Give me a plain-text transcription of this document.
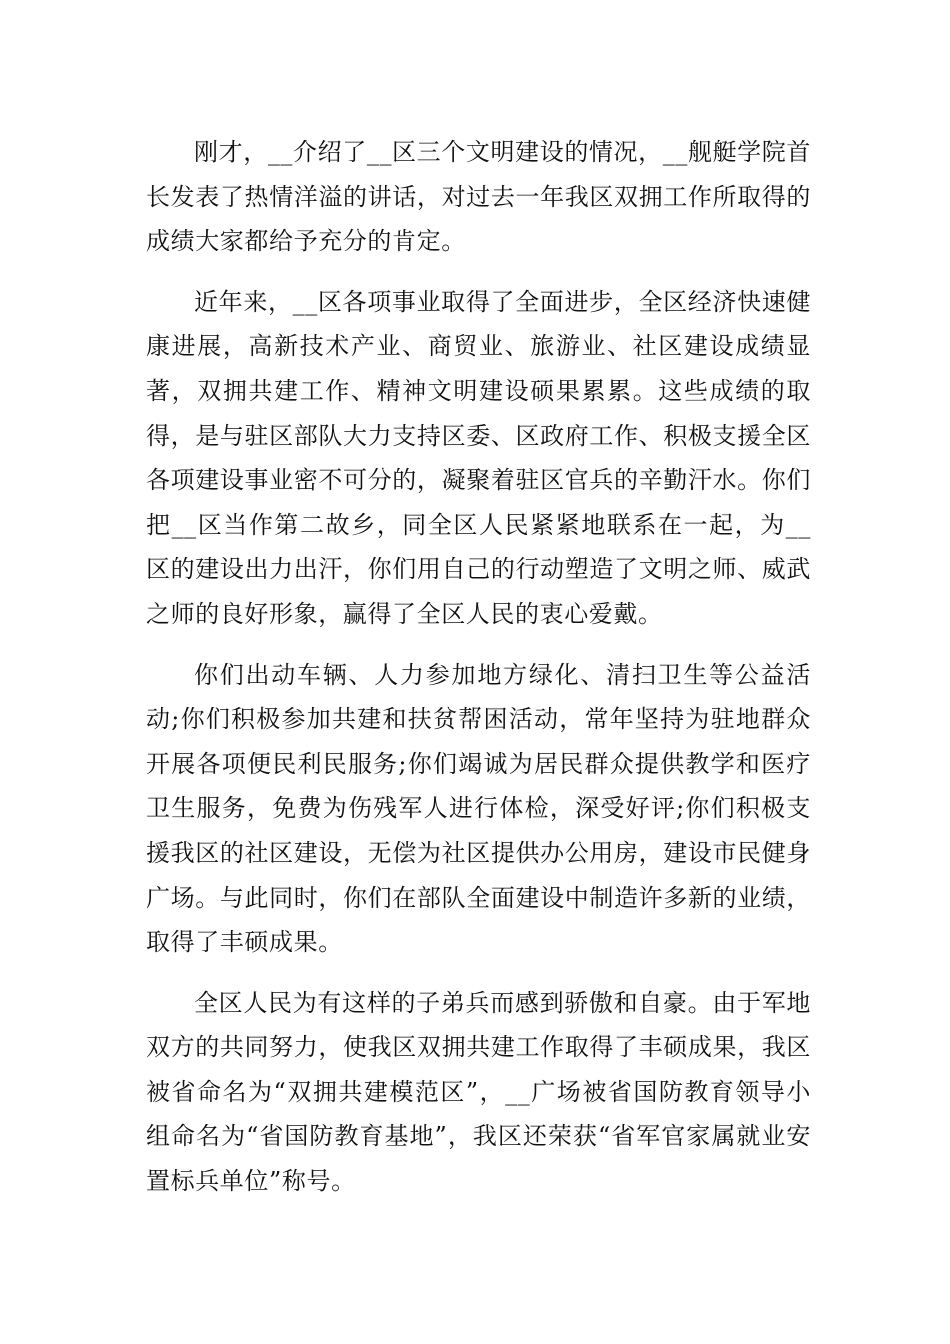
刚才，__介绍了__区三个文明建设的情况，__舰艇学院首长发表了热情洋溢的讲话，对过去一年我区双拥工作所取得的成绩大家都给予充分的肯定。

近年来，__区各项事业取得了全面进步，全区经济快速健康进展，高新技术产业、商贸业、旅游业、社区建设成绩显著，双拥共建工作、精神文明建设硕果累累。这些成绩的取得，是与驻区部队大力支持区委、区政府工作、积极支援全区各项建设事业密不可分的，凝聚着驻区官兵的辛勤汗水。你们把__区当作第二故乡，同全区人民紧紧地联系在一起，为__区的建设出力出汗，你们用自己的行动塑造了文明之师、威武之师的良好形象，赢得了全区人民的衷心爱戴。

你们出动车辆、人力参加地方绿化、清扫卫生等公益活动;你们积极参加共建和扶贫帮困活动，常年坚持为驻地群众开展各项便民利民服务;你们竭诚为居民群众提供教学和医疗卫生服务，免费为伤残军人进行体检，深受好评;你们积极支援我区的社区建设，无偿为社区提供办公用房，建设市民健身广场。与此同时，你们在部队全面建设中制造许多新的业绩，取得了丰硕成果。

全区人民为有这样的子弟兵而感到骄傲和自豪。由于军地双方的共同努力，使我区双拥共建工作取得了丰硕成果，我区被省命名为“双拥共建模范区”，__广场被省国防教育领导小组命名为“省国防教育基地”，我区还荣获“省军官家属就业安置标兵单位”称号。
